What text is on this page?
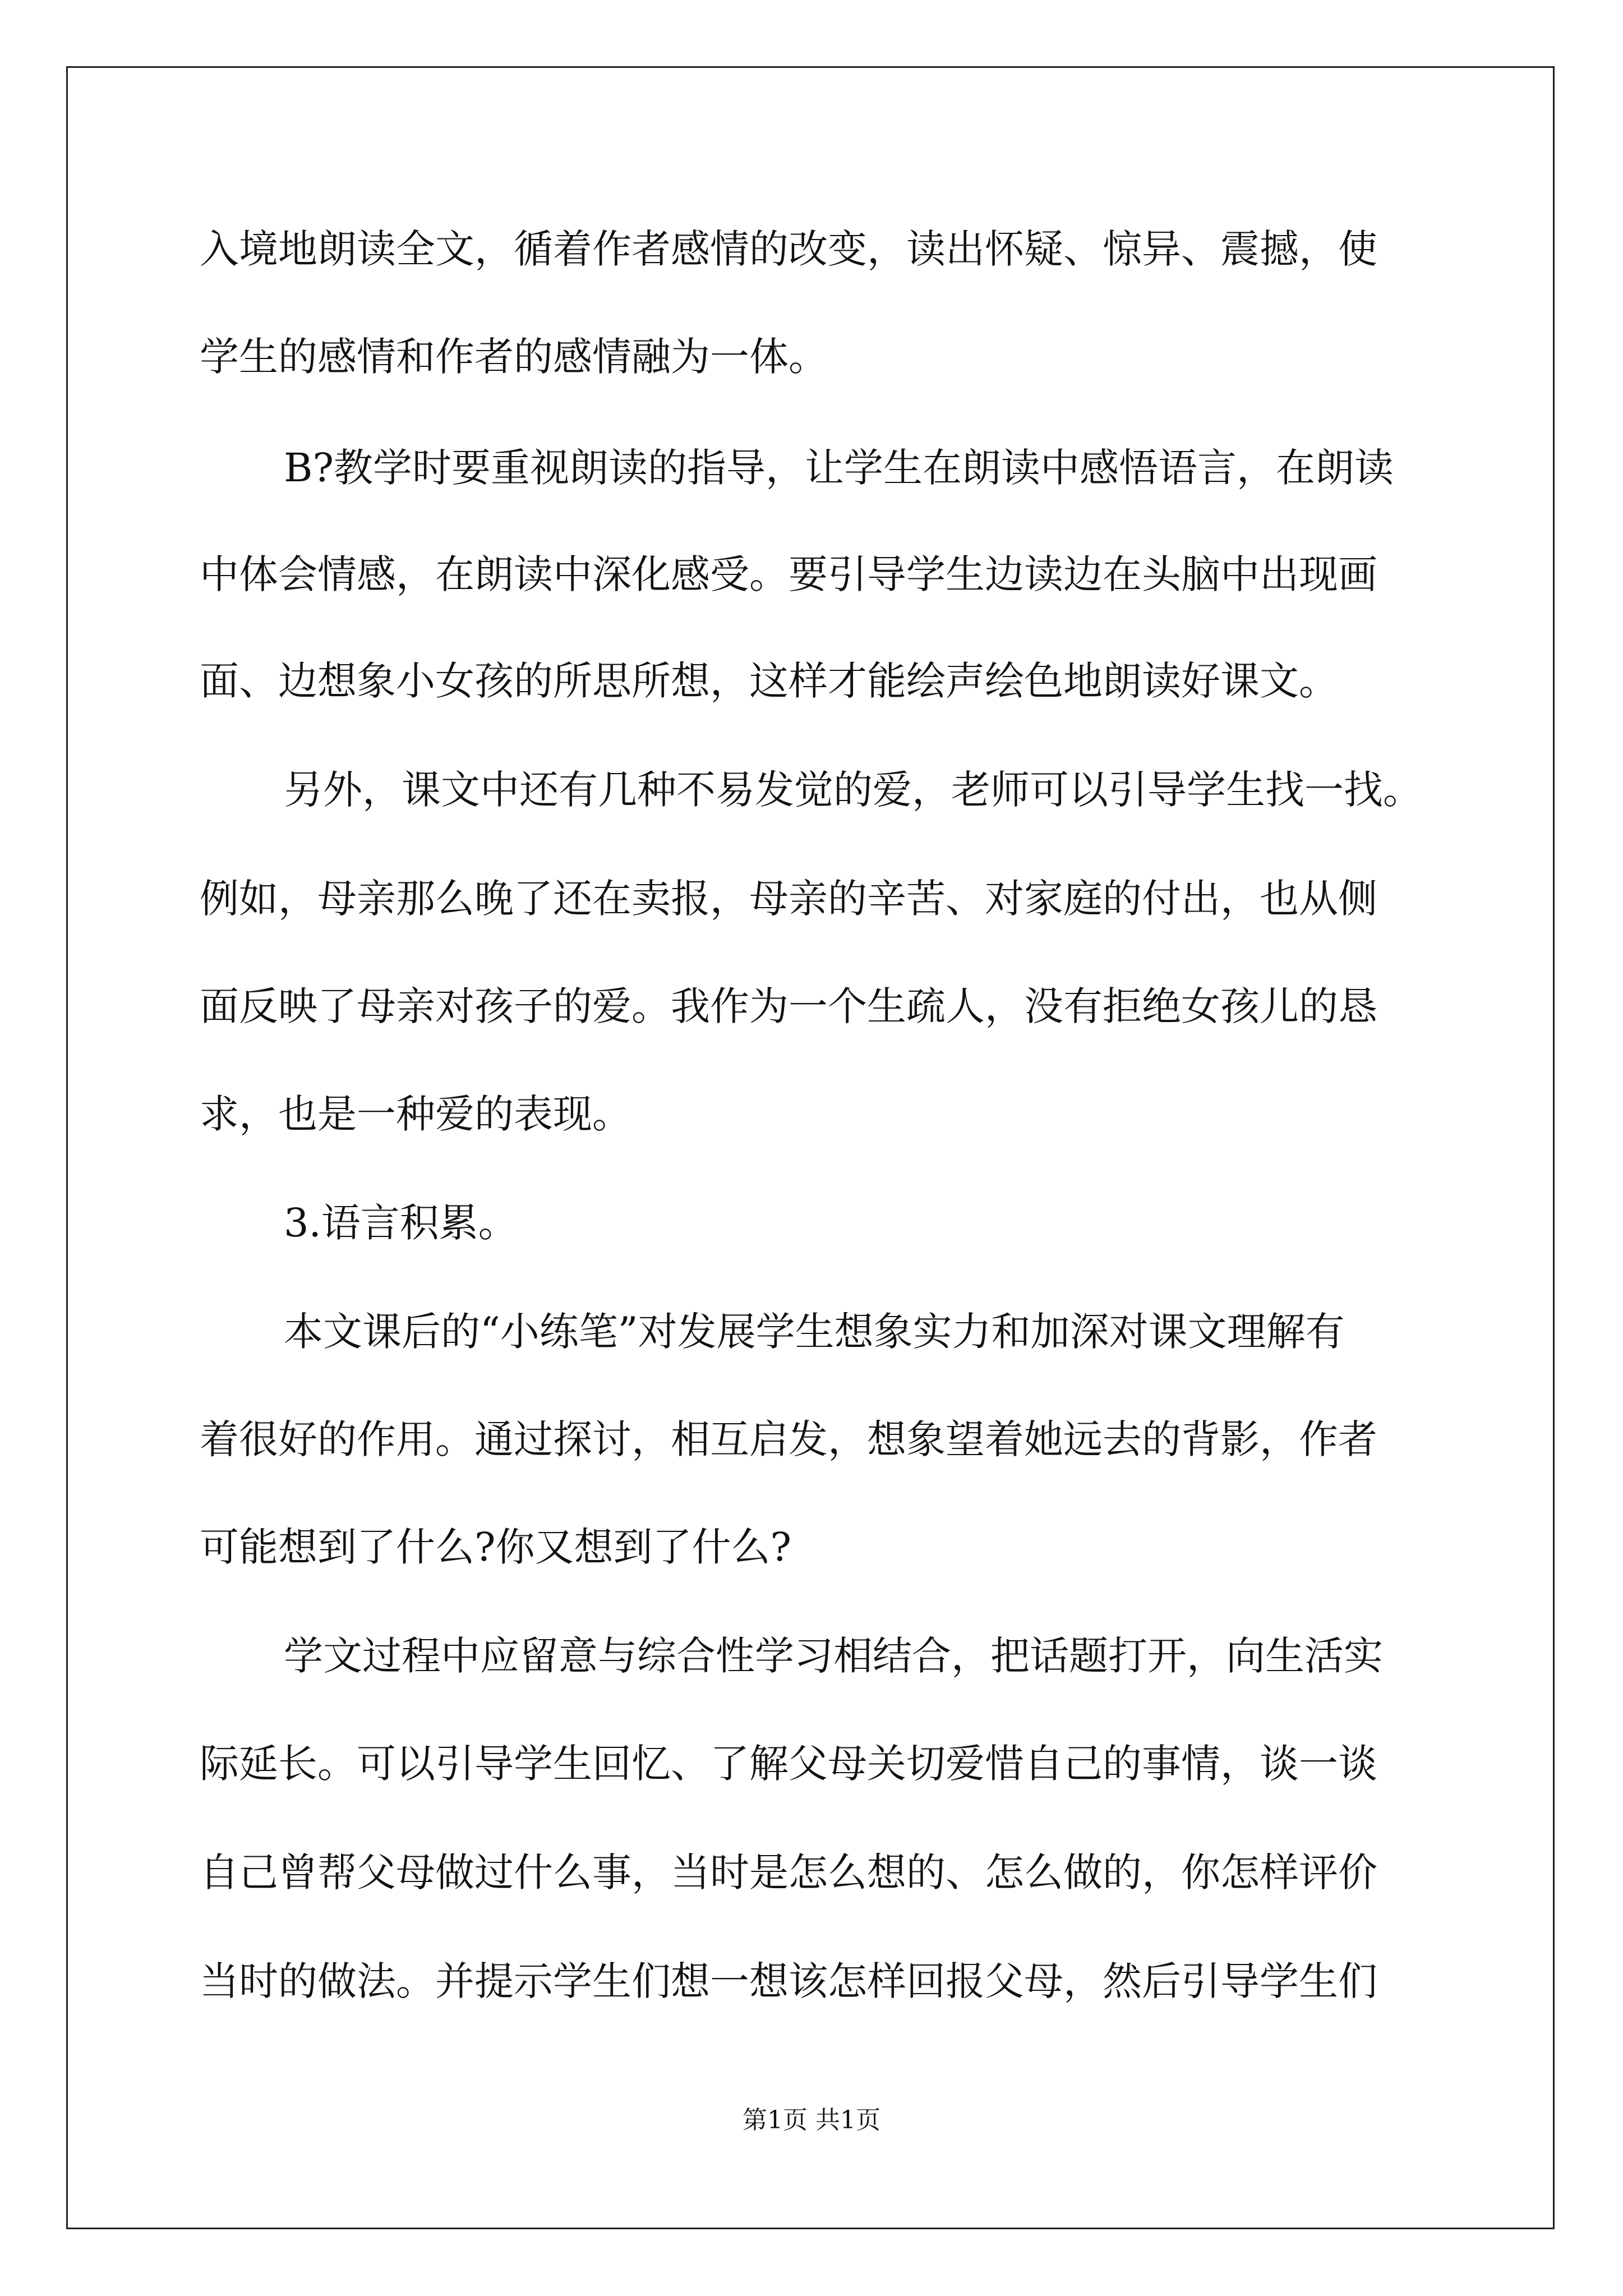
入境地朗读全文，循着作者感情的改变，读出怀疑、惊异、震撼，使
学生的感情和作者的感情融为一体。
B?教学时要重视朗读的指导，让学生在朗读中感悟语言，在朗读
中体会情感，在朗读中深化感受。要引导学生边读边在头脑中出现画
面、边想象小女孩的所思所想，这样才能绘声绘色地朗读好课文。
另外，课文中还有几种不易发觉的爱，老师可以引导学生找一找。
例如，母亲那么晚了还在卖报，母亲的辛苦、对家庭的付出，也从侧
面反映了母亲对孩子的爱。我作为一个生疏人，没有拒绝女孩儿的恳
求，也是一种爱的表现。
3.语言积累。
本文课后的“小练笔”对发展学生想象实力和加深对课文理解有
着很好的作用。通过探讨，相互启发，想象望着她远去的背影，作者
可能想到了什么?你又想到了什么?
学文过程中应留意与综合性学习相结合，把话题打开，向生活实
际延长。可以引导学生回忆、了解父母关切爱惜自己的事情，谈一谈
自己曾帮父母做过什么事，当时是怎么想的、怎么做的，你怎样评价
当时的做法。并提示学生们想一想该怎样回报父母，然后引导学生们
第1页 共1页
